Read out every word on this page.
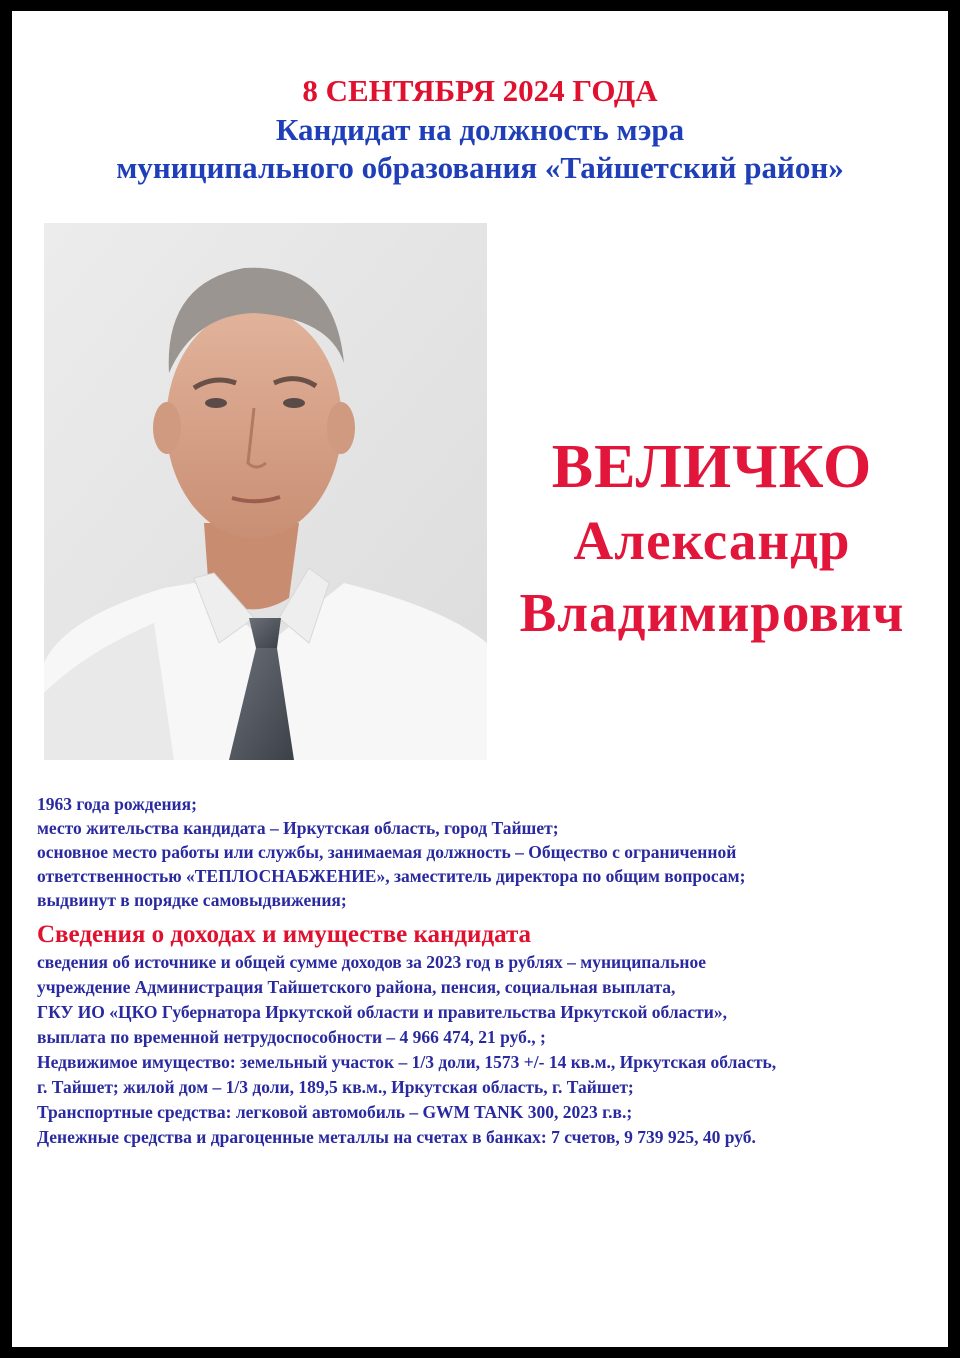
8 СЕНТЯБРЯ 2024 ГОДА
Кандидат на должность мэра
муниципального образования «Тайшетский район»
ВЕЛИЧКО
Александр
Владимирович
1963 года рождения;
место жительства кандидата – Иркутская область, город Тайшет;
основное место работы или службы, занимаемая должность – Общество с ограниченной
ответственностью «ТЕПЛОСНАБЖЕНИЕ», заместитель директора по общим вопросам;
выдвинут в порядке самовыдвижения;
Сведения о доходах и имуществе кандидата
сведения об источнике и общей сумме доходов за 2023 год в рублях – муниципальное
учреждение Администрация Тайшетского района, пенсия, социальная выплата,
ГКУ ИО «ЦКО Губернатора Иркутской области и правительства Иркутской области»,
выплата по временной нетрудоспособности – 4 966 474, 21 руб., ;
Недвижимое имущество: земельный участок – 1/3 доли, 1573 +/- 14 кв.м., Иркутская область,
г. Тайшет; жилой дом – 1/3 доли, 189,5 кв.м., Иркутская область, г. Тайшет;
Транспортные средства: легковой автомобиль – GWM TANK 300, 2023 г.в.;
Денежные средства и драгоценные металлы на счетах в банках: 7 счетов, 9 739 925, 40 руб.
